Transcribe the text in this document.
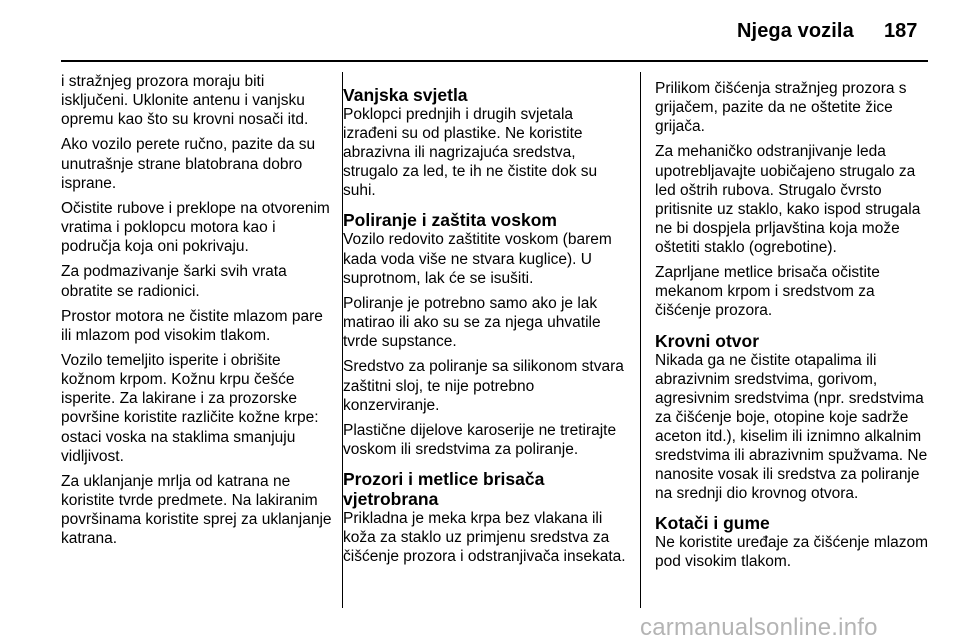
Njega vozila 187

i stražnjeg prozora moraju biti isključeni. Uklonite antenu i vanjsku opremu kao što su krovni nosači itd.

Ako vozilo perete ručno, pazite da su unutrašnje strane blatobrana dobro isprane.

Očistite rubove i preklope na otvorenim vratima i poklopcu motora kao i područja koja oni pokrivaju.

Za podmazivanje šarki svih vrata obratite se radionici.

Prostor motora ne čistite mlazom pare ili mlazom pod visokim tlakom.

Vozilo temeljito isperite i obrišite kožnom krpom. Kožnu krpu češće isperite. Za lakirane i za prozorske površine koristite različite kožne krpe: ostaci voska na staklima smanjuju vidljivost.

Za uklanjanje mrlja od katrana ne koristite tvrde predmete. Na lakiranim površinama koristite sprej za uklanjanje katrana.

Vanjska svjetla

Poklopci prednjih i drugih svjetala izrađeni su od plastike. Ne koristite abrazivna ili nagrizajuća sredstva, strugalo za led, te ih ne čistite dok su suhi.

Poliranje i zaštita voskom

Vozilo redovito zaštitite voskom (barem kada voda više ne stvara kuglice). U suprotnom, lak će se isušiti.

Poliranje je potrebno samo ako je lak matirao ili ako su se za njega uhvatile tvrde supstance.

Sredstvo za poliranje sa silikonom stvara zaštitni sloj, te nije potrebno konzerviranje.

Plastične dijelove karoserije ne tretirajte voskom ili sredstvima za poliranje.

Prozori i metlice brisača vjetrobrana

Prikladna je meka krpa bez vlakana ili koža za staklo uz primjenu sredstva za čišćenje prozora i odstranjivača insekata.

Prilikom čišćenja stražnjeg prozora s grijačem, pazite da ne oštetite žice grijača.

Za mehaničko odstranjivanje leda upotrebljavajte uobičajeno strugalo za led oštrih rubova. Strugalo čvrsto pritisnite uz staklo, kako ispod strugala ne bi dospjela prljavština koja može oštetiti staklo (ogrebotine).

Zaprljane metlice brisača očistite mekanom krpom i sredstvom za čišćenje prozora.

Krovni otvor

Nikada ga ne čistite otapalima ili abrazivnim sredstvima, gorivom, agresivnim sredstvima (npr. sredstvima za čišćenje boje, otopine koje sadrže aceton itd.), kiselim ili iznimno alkalnim sredstvima ili abrazivnim spužvama. Ne nanosite vosak ili sredstva za poliranje na srednji dio krovnog otvora.

Kotači i gume

Ne koristite uređaje za čišćenje mlazom pod visokim tlakom.

carmanualsonline.info
